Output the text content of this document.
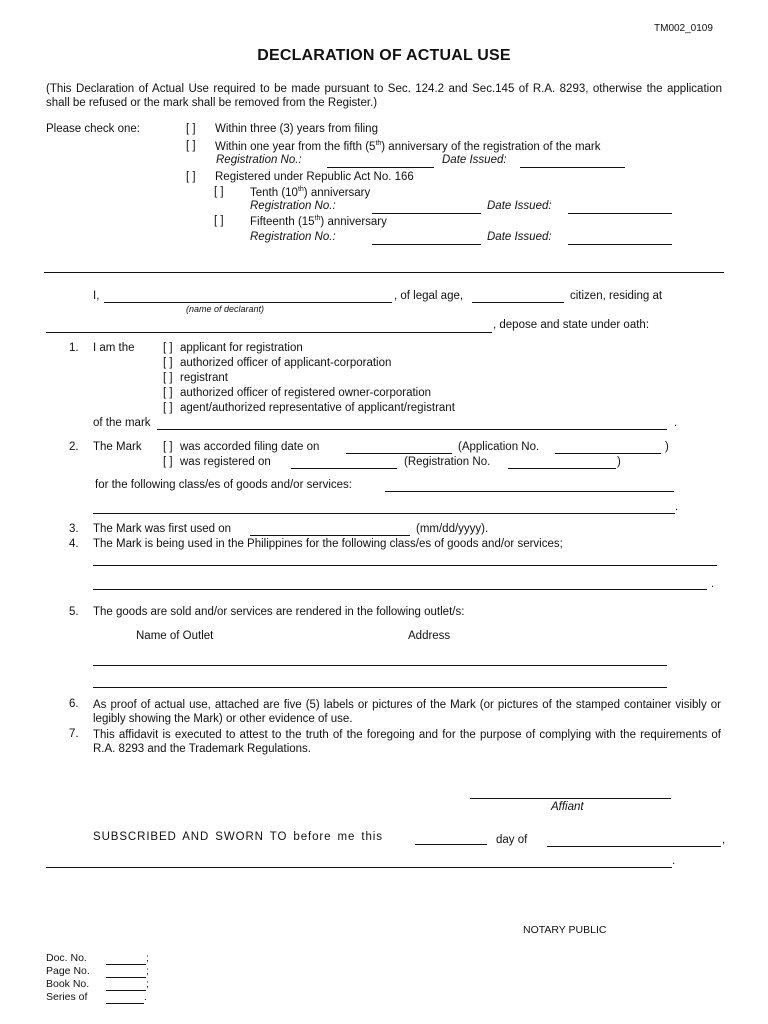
TM002_0109
DECLARATION OF ACTUAL USE
(This Declaration of Actual Use required to be made pursuant to Sec. 124.2 and Sec.145 of R.A. 8293, otherwise the application shall be refused or the mark shall be removed from the Register.)
Please check one:	[ ] Within three (3) years from filing
[ ] Within one year from the fifth (5th) anniversary of the registration of the mark
Registration No.:	Date Issued:
[ ] Registered under Republic Act No. 166
[ ] Tenth (10th) anniversary
Registration No.:	Date Issued:
[ ] Fifteenth (15th) anniversary
Registration No.:	Date Issued:
I,
(name of declarant)
, of legal age,	citizen, residing at
, depose and state under oath:
1. I am the [ ] applicant for registration
[ ] authorized officer of applicant-corporation
[ ] registrant
[ ] authorized officer of registered owner-corporation
[ ] agent/authorized representative of applicant/registrant
of the mark	.
2. The Mark [ ] was accorded filing date on	(Application No.	)
[ ] was registered on	(Registration No.	)
for the following class/es of goods and/or services:
.
3. The Mark was first used on	(mm/dd/yyyy).
4. The Mark is being used in the Philippines for the following class/es of goods and/or services;
.
5. The goods are sold and/or services are rendered in the following outlet/s:
Name of Outlet	Address
6. As proof of actual use, attached are five (5) labels or pictures of the Mark (or pictures of the stamped container visibly or legibly showing the Mark) or other evidence of use.
7. This affidavit is executed to attest to the truth of the foregoing and for the purpose of complying with the requirements of R.A. 8293 and the Trademark Regulations.
Affiant
SUBSCRIBED AND SWORN TO before me this	day of	,
.
NOTARY PUBLIC
Doc. No.	;
Page No.	;
Book No.	;
Series of	.
